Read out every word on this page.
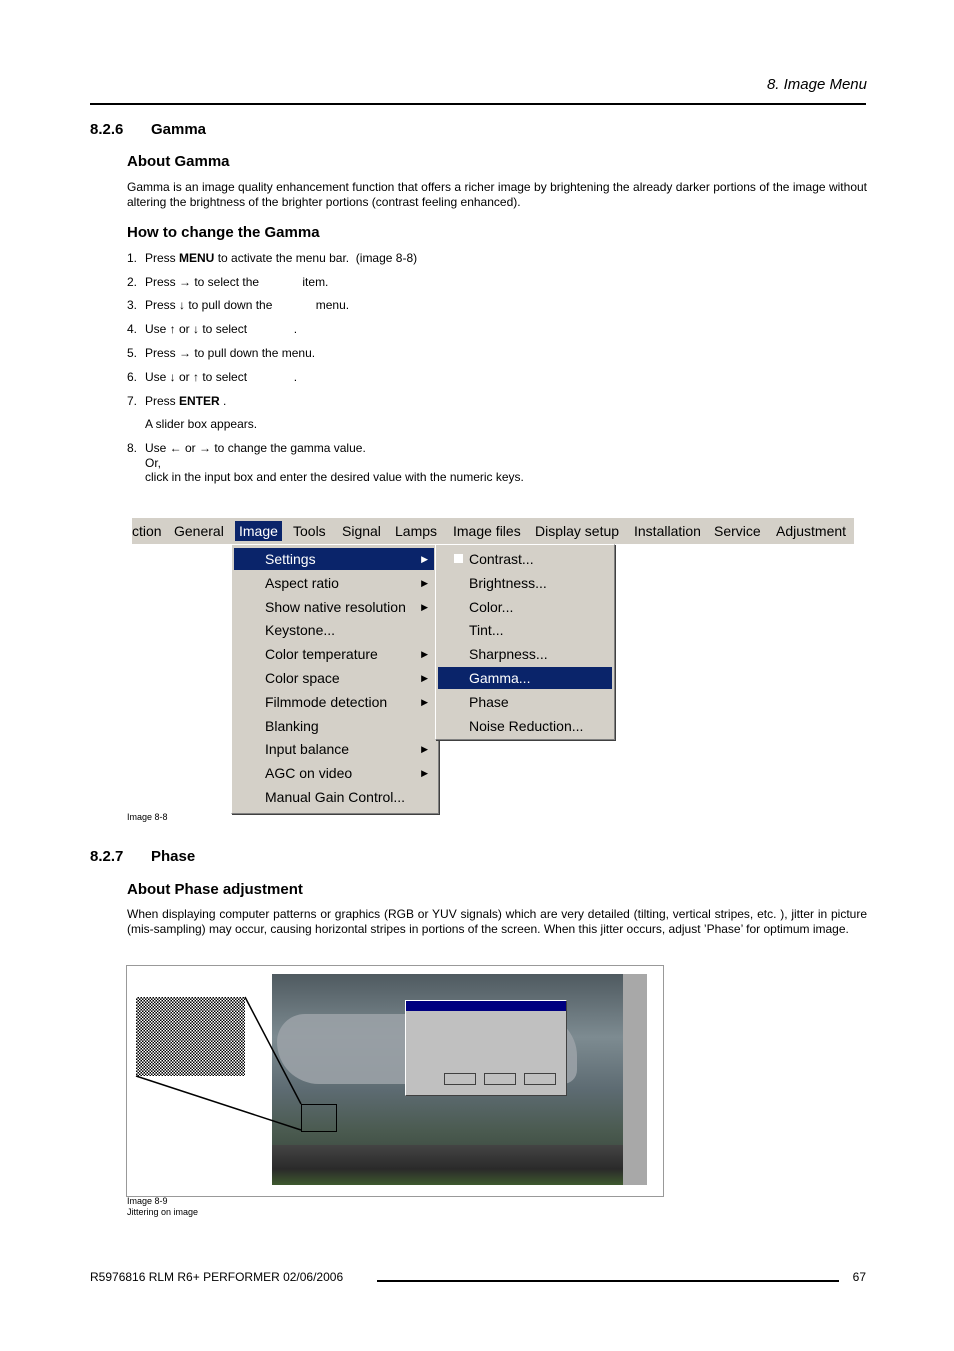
8. Image Menu
8.2.6 Gamma
About Gamma
Gamma is an image quality enhancement function that offers a richer image by brightening the already darker portions of the image without altering the brightness of the brighter portions (contrast feeling enhanced).
How to change the Gamma
1. Press MENU to activate the menu bar.  (image 8-8)
2. Press → to select the             item.
3. Press ↓ to pull down the             menu.
4. Use ↑ or ↓ to select              .
5. Press → to pull down the menu.
6. Use ↓ or ↑ to select              .
7. Press ENTER .
A slider box appears.
8. Use ← or → to change the gamma value.
Or,
click in the input box and enter the desired value with the numeric keys.
ction General Image Tools Signal Lamps Image files Display setup Installation Service Adjustment
Settings	▶
Aspect ratio	▶
Show native resolution ▶
Keystone...
Color temperature	▶
Color space	▶
Filmmode detection	▶
Blanking
Input balance	▶
AGC on video	▶
Manual Gain Control...
Contrast...
Brightness...
Color...
Tint...
Sharpness...
Gamma...
Phase
Noise Reduction...
Image 8-8
8.2.7 Phase
About Phase adjustment
When displaying computer patterns or graphics (RGB or YUV signals) which are very detailed (tilting, vertical stripes, etc. ), jitter in picture (mis-sampling) may occur, causing horizontal stripes in portions of the screen. When this jitter occurs, adjust ’Phase’ for optimum image.
Image 8-9
Jittering on image
R5976816 RLM R6+ PERFORMER 02/06/2006	67
